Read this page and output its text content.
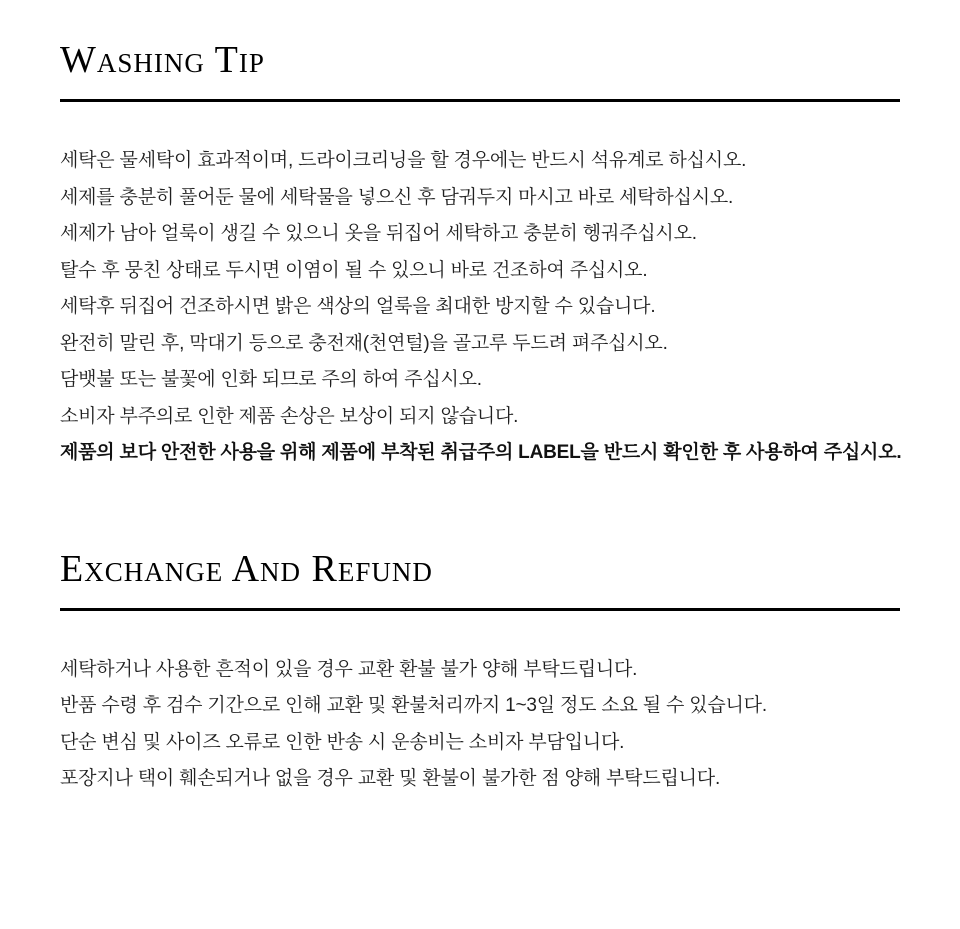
Washing Tip

세탁은 물세탁이 효과적이며, 드라이크리닝을 할 경우에는 반드시 석유계로 하십시오.

세제를 충분히 풀어둔 물에 세탁물을 넣으신 후 담궈두지 마시고 바로 세탁하십시오.

세제가 남아 얼룩이 생길 수 있으니 옷을 뒤집어 세탁하고 충분히 헹궈주십시오.

탈수 후 뭉친 상태로 두시면 이염이 될 수 있으니 바로 건조하여 주십시오.

세탁후 뒤집어 건조하시면 밝은 색상의 얼룩을 최대한 방지할 수 있습니다.

완전히 말린 후, 막대기 등으로 충전재(천연털)을 골고루 두드려 펴주십시오.

담뱃불 또는 불꽃에 인화 되므로 주의 하여 주십시오.

소비자 부주의로 인한 제품 손상은 보상이 되지 않습니다.

제품의 보다 안전한 사용을 위해 제품에 부착된 취급주의 LABEL을 반드시 확인한 후 사용하여 주십시오.

Exchange And Refund

세탁하거나 사용한 흔적이 있을 경우 교환 환불 불가 양해 부탁드립니다.

반품 수령 후 검수 기간으로 인해 교환 및 환불처리까지 1~3일 정도 소요 될 수 있습니다.

단순 변심 및 사이즈 오류로 인한 반송 시 운송비는 소비자 부담입니다.

포장지나 택이 훼손되거나 없을 경우 교환 및 환불이 불가한 점 양해 부탁드립니다.
